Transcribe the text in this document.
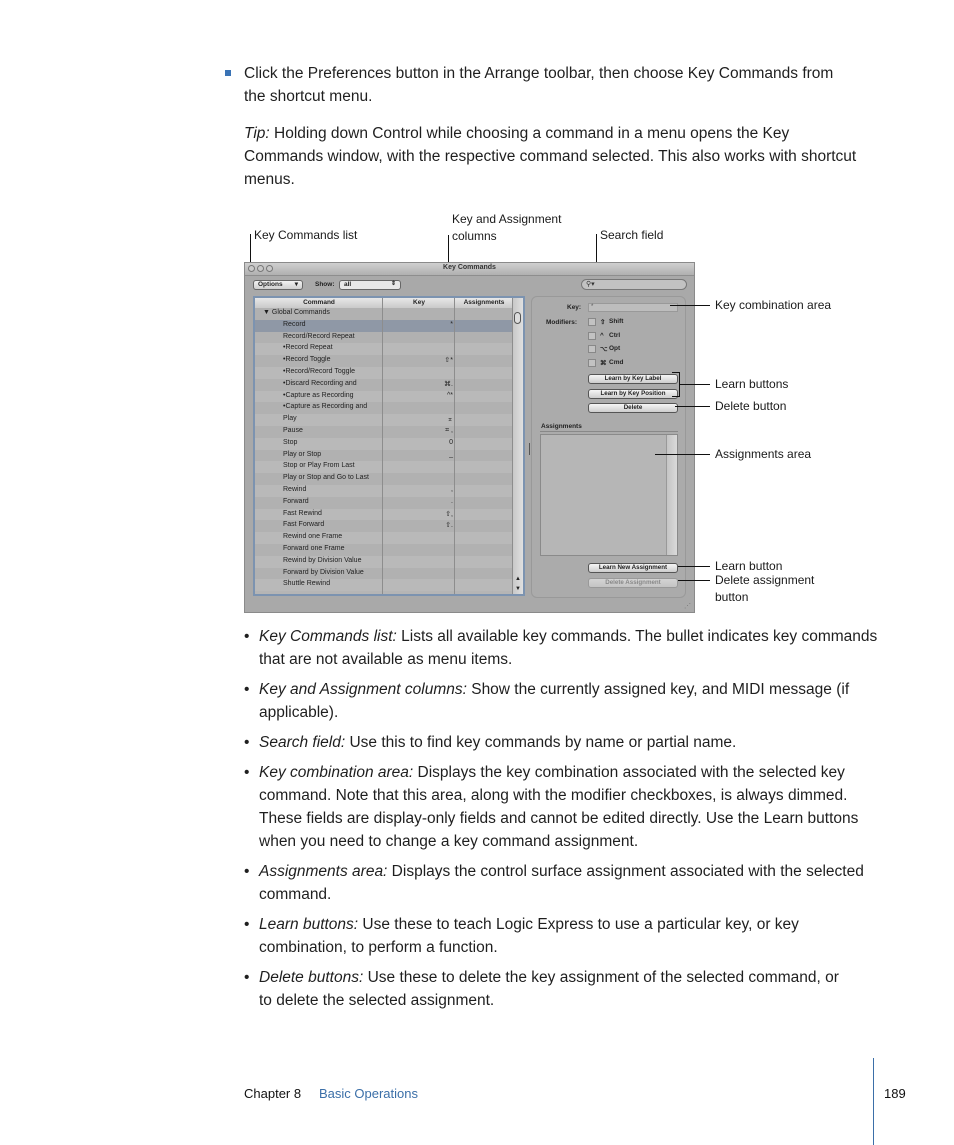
Click the Preferences button in the Arrange toolbar, then choose Key Commands from
the shortcut menu.
Tip: Holding down Control while choosing a command in a menu opens the Key
Commands window, with the respective command selected. This also works with shortcut
menus.
Key Commands list
Key and Assignment
columns	Search field
Key Commands
Options ▾	Show:	all	⇕	⚲▾
Command	Key	Assignments
▼ Global Commands
Record	*
Record/Record Repeat
•Record Repeat
•Record Toggle	⇧*
•Record/Record Toggle
•Discard Recording and	⌘.
•Capture as Recording	^*
•Capture as Recording and
Play	⌅
Pause	⌗ ,
Stop	0
Play or Stop	_
Stop or Play From Last
Play or Stop and Go to Last
Rewind	,
Forward	.
Fast Rewind	⇧,
Fast Forward	⇧.
Rewind one Frame
Forward one Frame
Rewind by Division Value
Forward by Division Value
Shuttle Rewind
▲
▼
Key:	*
Modifiers:	⇧ Shift
^ Ctrl
⌥ Opt
⌘ Cmd
Learn by Key Label
Learn by Key Position
Delete
Assignments
Learn New Assignment
Delete Assignment
⋰
Key combination area
Learn buttons
Delete button
Assignments area
Learn button
Delete assignment
button
• Key Commands list: Lists all available key commands. The bullet indicates key commands
that are not available as menu items.
• Key and Assignment columns: Show the currently assigned key, and MIDI message (if
applicable).
• Search field: Use this to find key commands by name or partial name.
• Key combination area: Displays the key combination associated with the selected key
command. Note that this area, along with the modifier checkboxes, is always dimmed.
These fields are display-only fields and cannot be edited directly. Use the Learn buttons
when you need to change a key command assignment.
• Assignments area: Displays the control surface assignment associated with the selected
command.
• Learn buttons: Use these to teach Logic Express to use a particular key, or key
combination, to perform a function.
• Delete buttons: Use these to delete the key assignment of the selected command, or
to delete the selected assignment.
Chapter 8 Basic Operations	189
